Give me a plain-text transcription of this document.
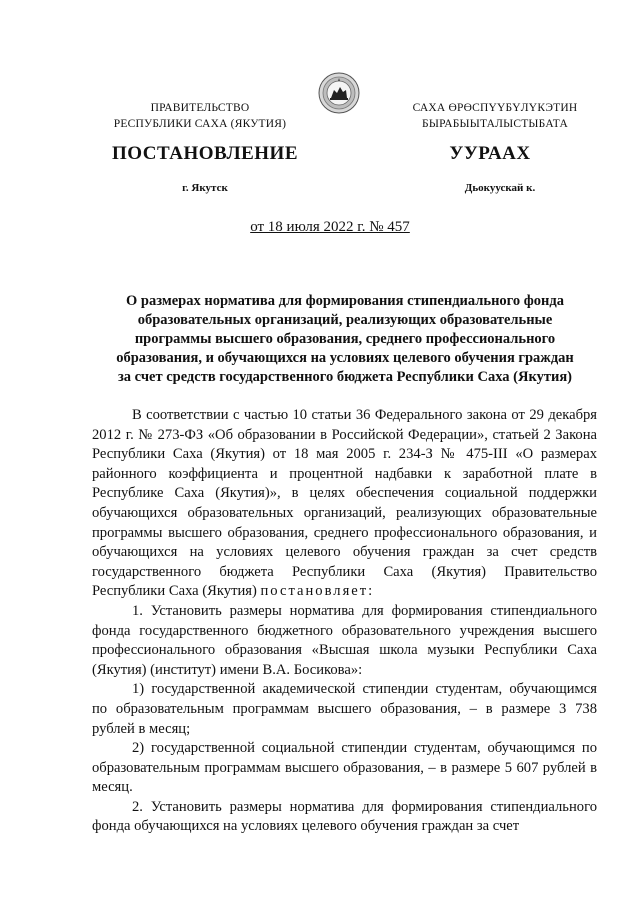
ПРАВИТЕЛЬСТВО
РЕСПУБЛИКИ САХА (ЯКУТИЯ)
САХА ӨРӨСПҮҮБҮЛҮКЭТИН
БЫРАБЫЫТАЛЫСТЫБАТА
ПОСТАНОВЛЕНИЕ	УУРААХ
г. Якутск	Дьокуускай к.
от 18 июля 2022 г. № 457
О размерах норматива для формирования стипендиального фонда
образовательных организаций, реализующих образовательные
программы высшего образования, среднего профессионального
образования, и обучающихся на условиях целевого обучения граждан
за счет средств государственного бюджета Республики Саха (Якутия)

В соответствии с частью 10 статьи 36 Федерального закона от 29 декабря 2012 г. № 273-ФЗ «Об образовании в Российской Федерации», статьей 2 Закона Республики Саха (Якутия) от 18 мая 2005 г. 234-З № 475-III «О размерах районного коэффициента и процентной надбавки к заработной плате в Республике Саха (Якутия)», в целях обеспечения социальной поддержки обучающихся образовательных организаций, реализующих образовательные программы высшего образования, среднего профессионального образования, и обучающихся на условиях целевого обучения граждан за счет средств государственного бюджета Республики Саха (Якутия) Правительство Республики Саха (Якутия) постановляет:

1. Установить размеры норматива для формирования стипендиального фонда государственного бюджетного образовательного учреждения высшего профессионального образования «Высшая школа музыки Республики Саха (Якутия) (институт) имени В.А. Босикова»:

1) государственной академической стипендии студентам, обучающимся по образовательным программам высшего образования, – в размере 3 738 рублей в месяц;

2) государственной социальной стипендии студентам, обучающимся по образовательным программам высшего образования, – в размере 5 607 рублей в месяц.

2. Установить размеры норматива для формирования стипендиального фонда обучающихся на условиях целевого обучения граждан за счет
